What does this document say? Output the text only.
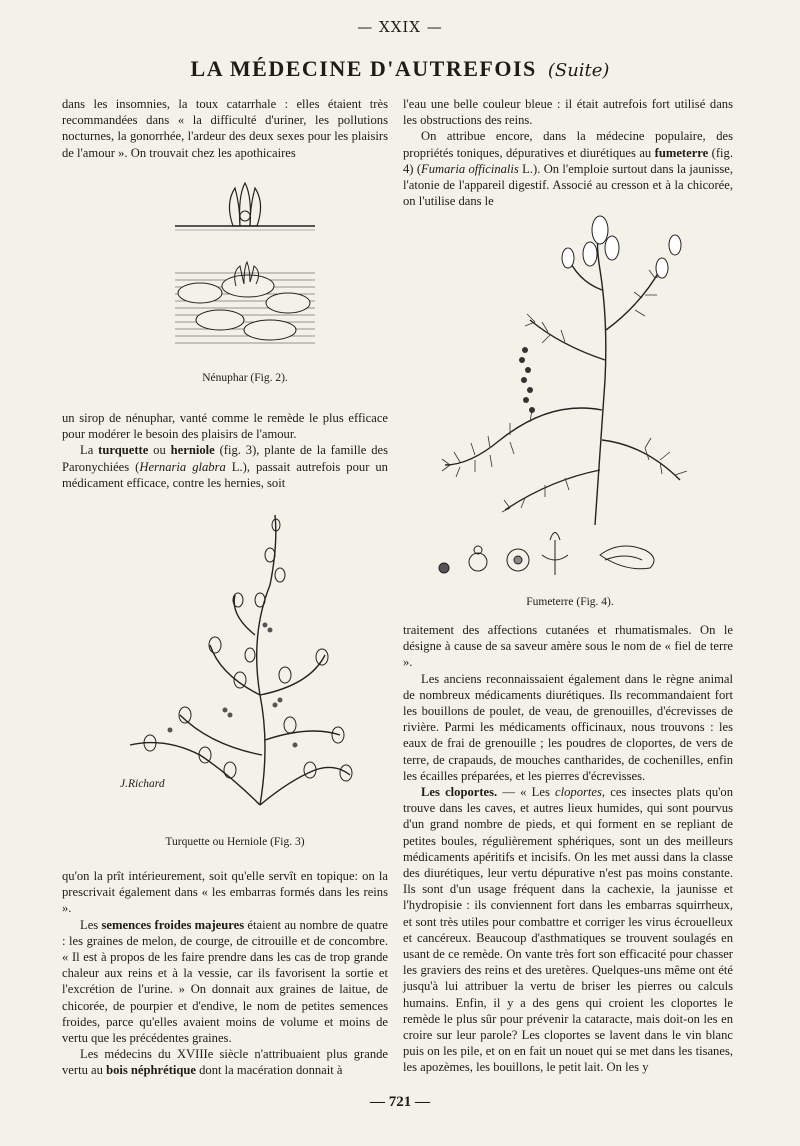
— XXIX —
LA MÉDECINE D'AUTREFOIS (Suite)

dans les insomnies, la toux catarrhale : elles étaient très recommandées dans « la difficulté d'uriner, les pollutions nocturnes, la gonorrhée, l'ardeur des deux sexes pour les plaisirs de l'amour ». On trouvait chez les apothicaires

Nénuphar (Fig. 2).

un sirop de nénuphar, vanté comme le remède le plus efficace pour modérer le besoin des plaisirs de l'amour.

La turquette ou herniole (fig. 3), plante de la famille des Paronychiées (Hernaria glabra L.), passait autrefois pour un médicament efficace, contre les hernies, soit

J.Richard
Turquette ou Herniole (Fig. 3)

qu'on la prît intérieurement, soit qu'elle servît en topique: on la prescrivait également dans « les embarras formés dans les reins ».

Les semences froides majeures étaient au nombre de quatre : les graines de melon, de courge, de citrouille et de concombre. « Il est à propos de les faire prendre dans les cas de trop grande chaleur aux reins et à la vessie, car ils favorisent la sortie et l'excrétion de l'urine. » On donnait aux graines de laitue, de chicorée, de pourpier et d'endive, le nom de petites semences froides, parce qu'elles avaient moins de volume et moins de vertu que les précédentes graines.

Les médecins du XVIIIe siècle n'attribuaient plus grande vertu au bois néphrétique dont la macération donnait à

l'eau une belle couleur bleue : il était autrefois fort utilisé dans les obstructions des reins.

On attribue encore, dans la médecine populaire, des propriétés toniques, dépuratives et diurétiques au fumeterre (fig. 4) (Fumaria officinalis L.). On l'emploie surtout dans la jaunisse, l'atonie de l'appareil digestif. Associé au cresson et à la chicorée, on l'utilise dans le

Fumeterre (Fig. 4).

traitement des affections cutanées et rhumatismales. On le désigne à cause de sa saveur amère sous le nom de « fiel de terre ».

Les anciens reconnaissaient également dans le règne animal de nombreux médicaments diurétiques. Ils recommandaient fort les bouillons de poulet, de veau, de grenouilles, d'écrevisses de rivière. Parmi les médicaments officinaux, nous trouvons : les eaux de frai de grenouille ; les poudres de cloportes, de vers de terre, de crapauds, de mouches cantharides, de cochenilles, enfin les écailles préparées, et les pierres d'écrevisses.

Les cloportes. — « Les cloportes, ces insectes plats qu'on trouve dans les caves, et autres lieux humides, qui sont pourvus d'un grand nombre de pieds, et qui forment en se repliant de petites boules, régulièrement sphériques, sont un des meilleurs médicaments apéritifs et incisifs. On les met aussi dans la classe des diurétiques, leur vertu dépurative n'est pas moins constante. Ils sont d'un usage fréquent dans la cachexie, la jaunisse et l'hydropisie : ils conviennent fort dans les embarras squirrheux, et sont très utiles pour combattre et corriger les virus écrouelleux et cancéreux. Beaucoup d'asthmatiques se trouvent soulagés en usant de ce remède. On vante très fort son efficacité pour chasser les graviers des reins et des uretères. Quelques-uns même ont été jusqu'à lui attribuer la vertu de briser les pierres ou calculs humains. Enfin, il y a des gens qui croient les cloportes le remède le plus sûr pour prévenir la cataracte, mais doit-on les en croire sur leur parole? Les cloportes se lavent dans le vin blanc puis on les pile, et on en fait un nouet qui se met dans les tisanes, les apozèmes, les bouillons, le petit lait. On les y

— 721 —
